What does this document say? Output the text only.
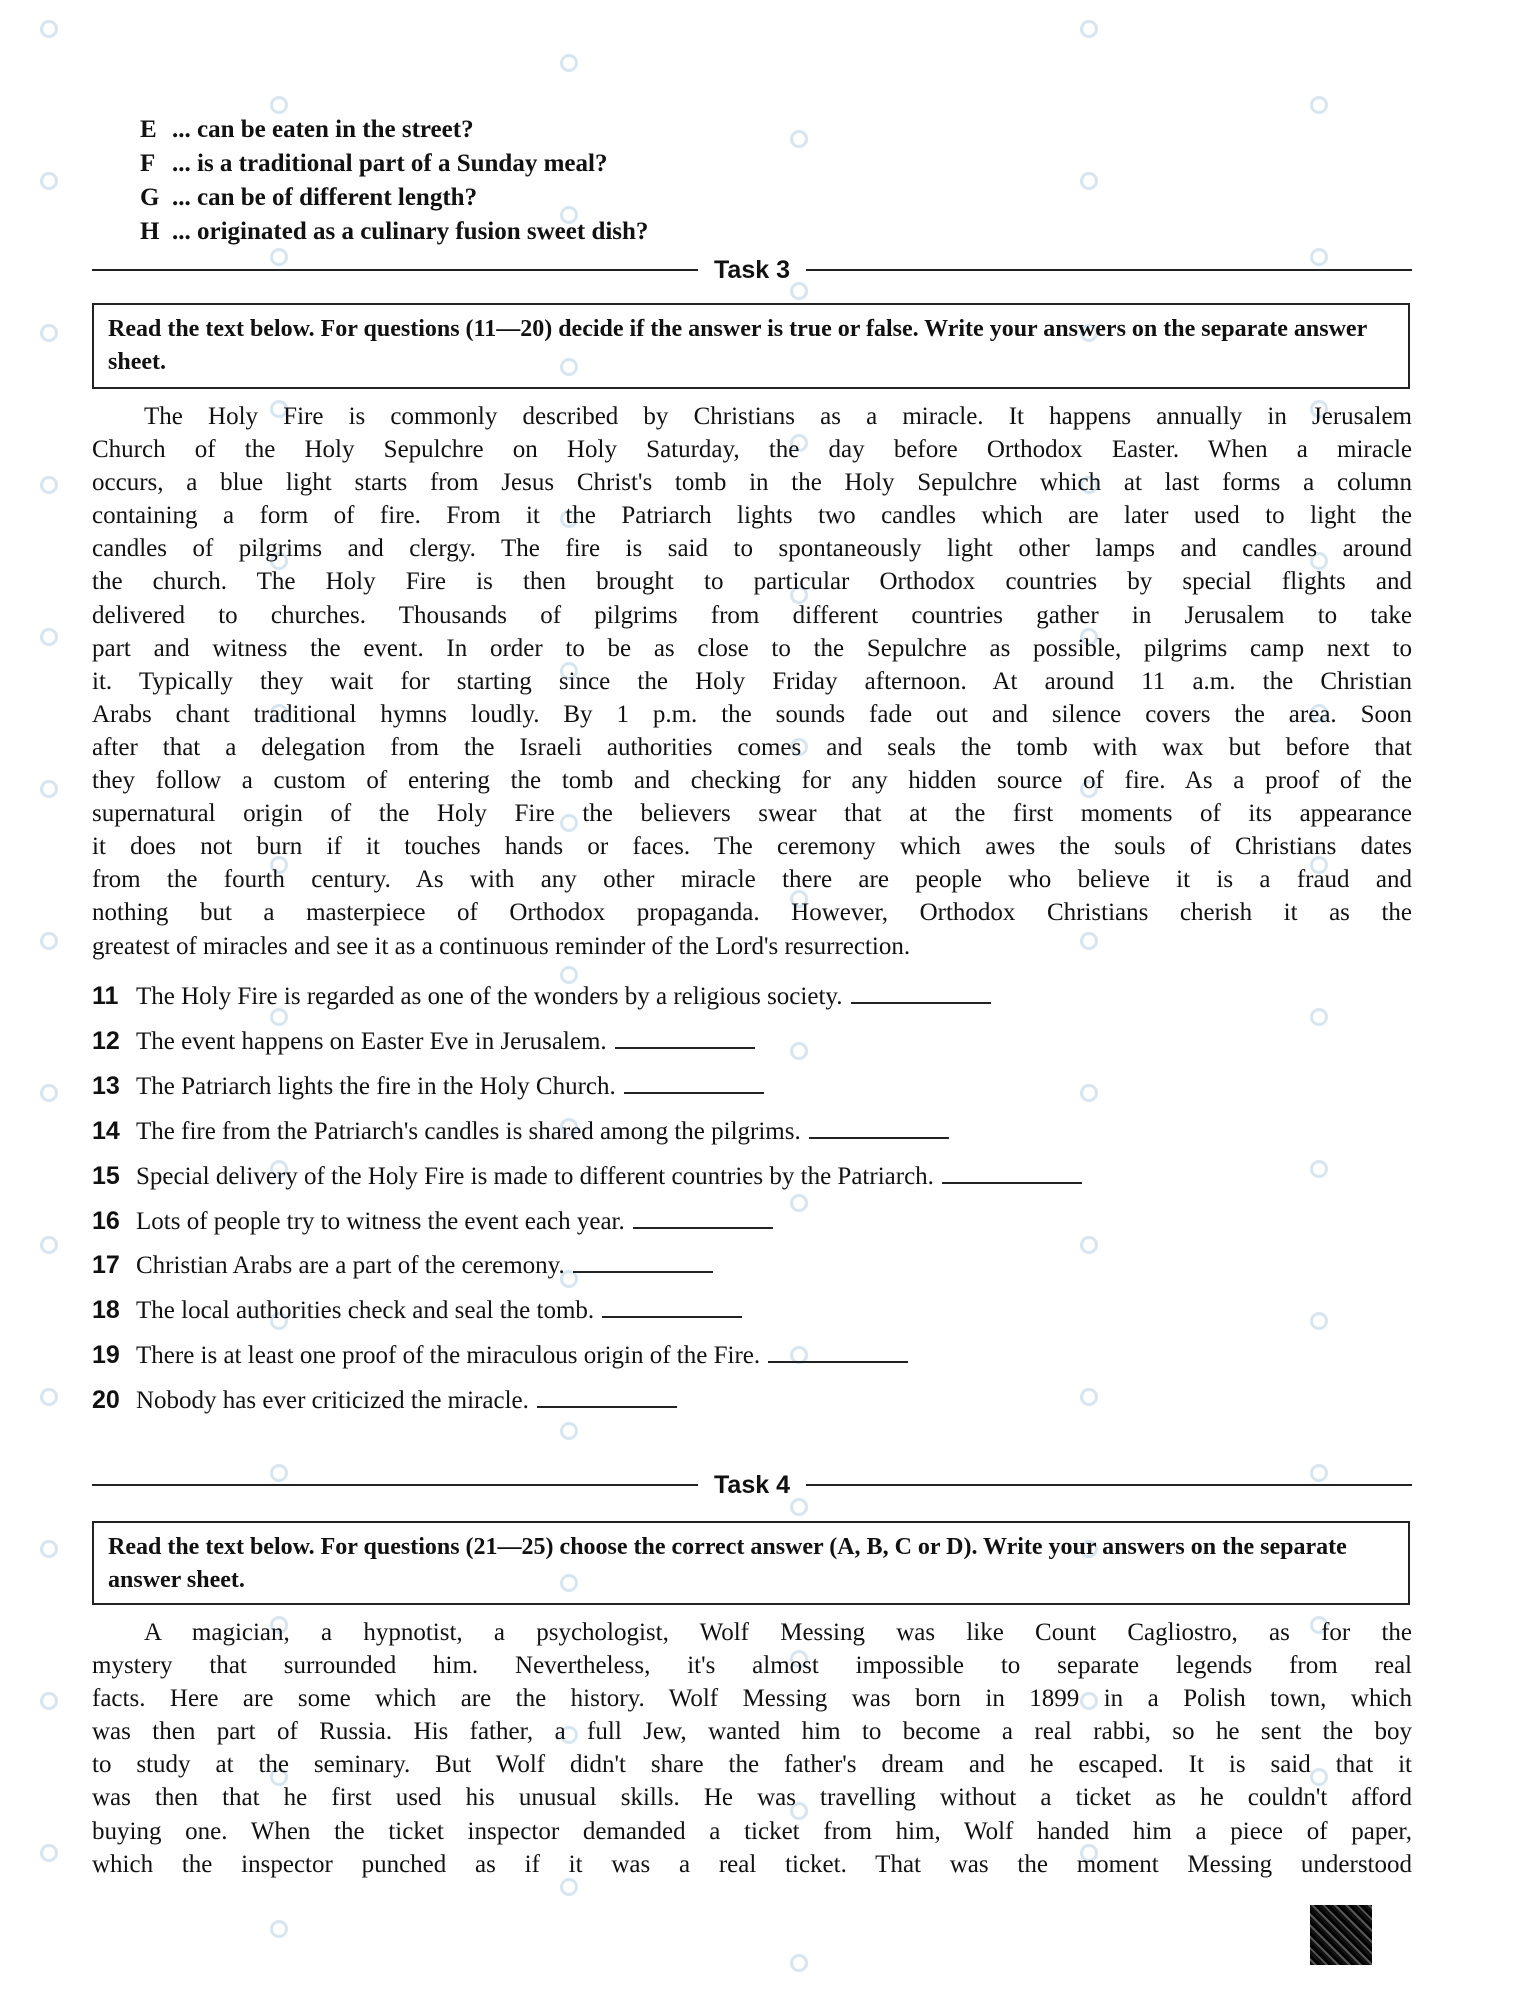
E ... can be eaten in the street?
F ... is a traditional part of a Sunday meal?
G ... can be of different length?
H ... originated as a culinary fusion sweet dish?
Task 3
Read the text below. For questions (11—20) decide if the answer is true or false. Write your answers on the separate answer sheet.
The Holy Fire is commonly described by Christians as a miracle. It happens annually in Jerusalem
Church of the Holy Sepulchre on Holy Saturday, the day before Orthodox Easter. When a miracle
occurs, a blue light starts from Jesus Christ's tomb in the Holy Sepulchre which at last forms a column
containing a form of fire. From it the Patriarch lights two candles which are later used to light the
candles of pilgrims and clergy. The fire is said to spontaneously light other lamps and candles around
the church. The Holy Fire is then brought to particular Orthodox countries by special flights and
delivered to churches. Thousands of pilgrims from different countries gather in Jerusalem to take
part and witness the event. In order to be as close to the Sepulchre as possible, pilgrims camp next to
it. Typically they wait for starting since the Holy Friday afternoon. At around 11 a.m. the Christian
Arabs chant traditional hymns loudly. By 1 p.m. the sounds fade out and silence covers the area. Soon
after that a delegation from the Israeli authorities comes and seals the tomb with wax but before that
they follow a custom of entering the tomb and checking for any hidden source of fire. As a proof of the
supernatural origin of the Holy Fire the believers swear that at the first moments of its appearance
it does not burn if it touches hands or faces. The ceremony which awes the souls of Christians dates
from the fourth century. As with any other miracle there are people who believe it is a fraud and
nothing but a masterpiece of Orthodox propaganda. However, Orthodox Christians cherish it as the
greatest of miracles and see it as a continuous reminder of the Lord's resurrection.
11 The Holy Fire is regarded as one of the wonders by a religious society.
12 The event happens on Easter Eve in Jerusalem.
13 The Patriarch lights the fire in the Holy Church.
14 The fire from the Patriarch's candles is shared among the pilgrims.
15 Special delivery of the Holy Fire is made to different countries by the Patriarch.
16 Lots of people try to witness the event each year.
17 Christian Arabs are a part of the ceremony.
18 The local authorities check and seal the tomb.
19 There is at least one proof of the miraculous origin of the Fire.
20 Nobody has ever criticized the miracle.
Task 4
Read the text below. For questions (21—25) choose the correct answer (A, B, C or D). Write your answers on the separate answer sheet.
A magician, a hypnotist, a psychologist, Wolf Messing was like Count Cagliostro, as for the
mystery that surrounded him. Nevertheless, it's almost impossible to separate legends from real
facts. Here are some which are the history. Wolf Messing was born in 1899 in a Polish town, which
was then part of Russia. His father, a full Jew, wanted him to become a real rabbi, so he sent the boy
to study at the seminary. But Wolf didn't share the father's dream and he escaped. It is said that it
was then that he first used his unusual skills. He was travelling without a ticket as he couldn't afford
buying one. When the ticket inspector demanded a ticket from him, Wolf handed him a piece of paper,
which the inspector punched as if it was a real ticket. That was the moment Messing understood
